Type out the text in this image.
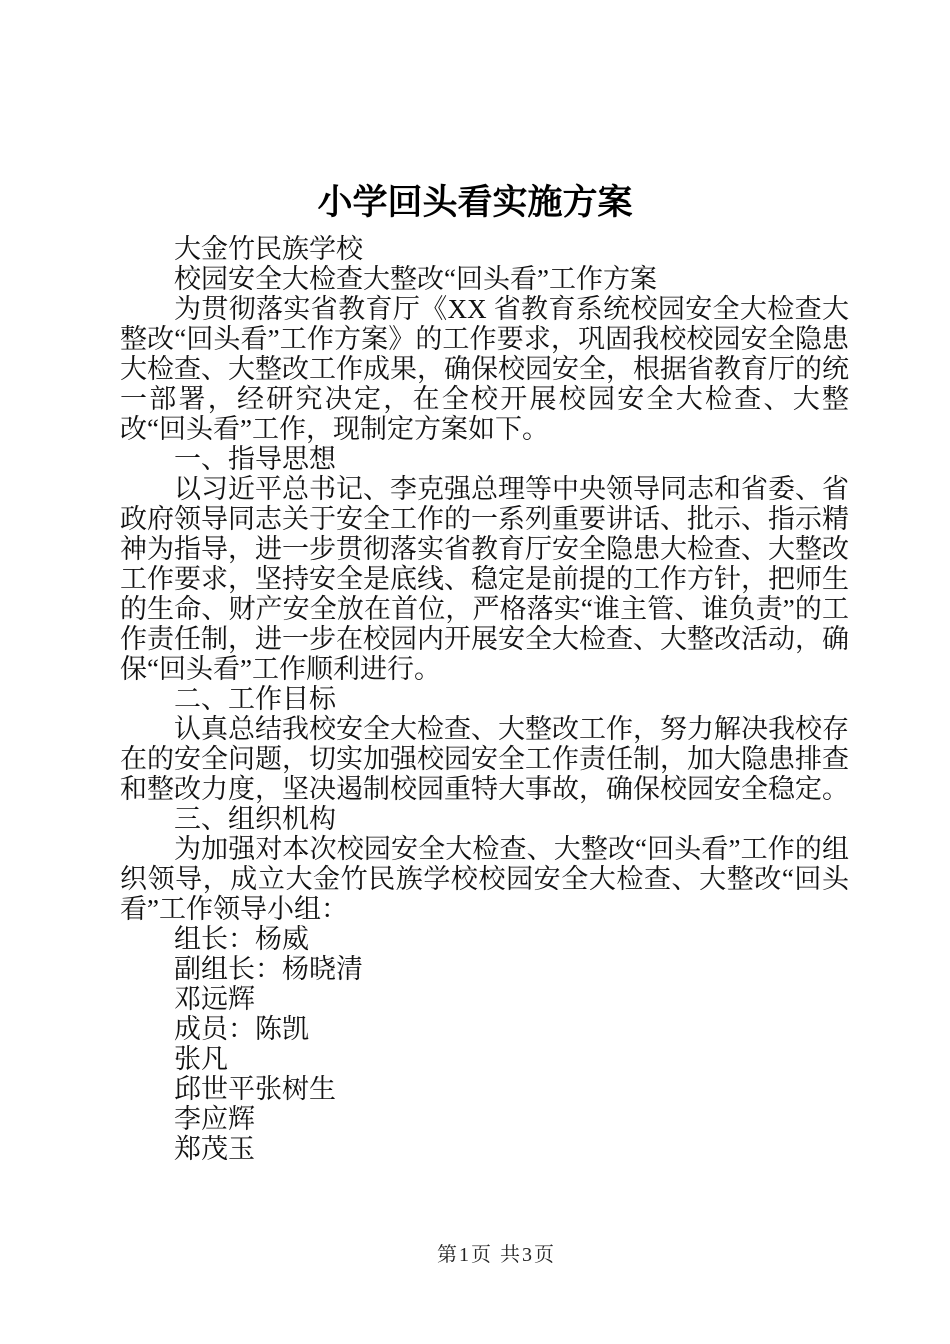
小学回头看实施方案

大金竹民族学校

校园安全大检查大整改“回头看”工作方案

为贯彻落实省教育厅《XX 省教育系统校园安全大检查大整改“回头看”工作方案》的工作要求，巩固我校校园安全隐患大检查、大整改工作成果，确保校园安全，根据省教育厅的统一部署，经研究决定，在全校开展校园安全大检查、大整改“回头看”工作，现制定方案如下。

一、指导思想

以习近平总书记、李克强总理等中央领导同志和省委、省政府领导同志关于安全工作的一系列重要讲话、批示、指示精神为指导，进一步贯彻落实省教育厅安全隐患大检查、大整改工作要求，坚持安全是底线、稳定是前提的工作方针，把师生的生命、财产安全放在首位，严格落实“谁主管、谁负责”的工作责任制，进一步在校园内开展安全大检查、大整改活动，确保“回头看”工作顺利进行。

二、工作目标

认真总结我校安全大检查、大整改工作，努力解决我校存在的安全问题，切实加强校园安全工作责任制，加大隐患排查和整改力度，坚决遏制校园重特大事故，确保校园安全稳定。

三、组织机构

为加强对本次校园安全大检查、大整改“回头看”工作的组织领导，成立大金竹民族学校校园安全大检查、大整改“回头看”工作领导小组：

组长：杨威

副组长：杨晓清

邓远辉

成员：陈凯

张凡

邱世平张树生

李应辉

郑茂玉

第1页 共3页
